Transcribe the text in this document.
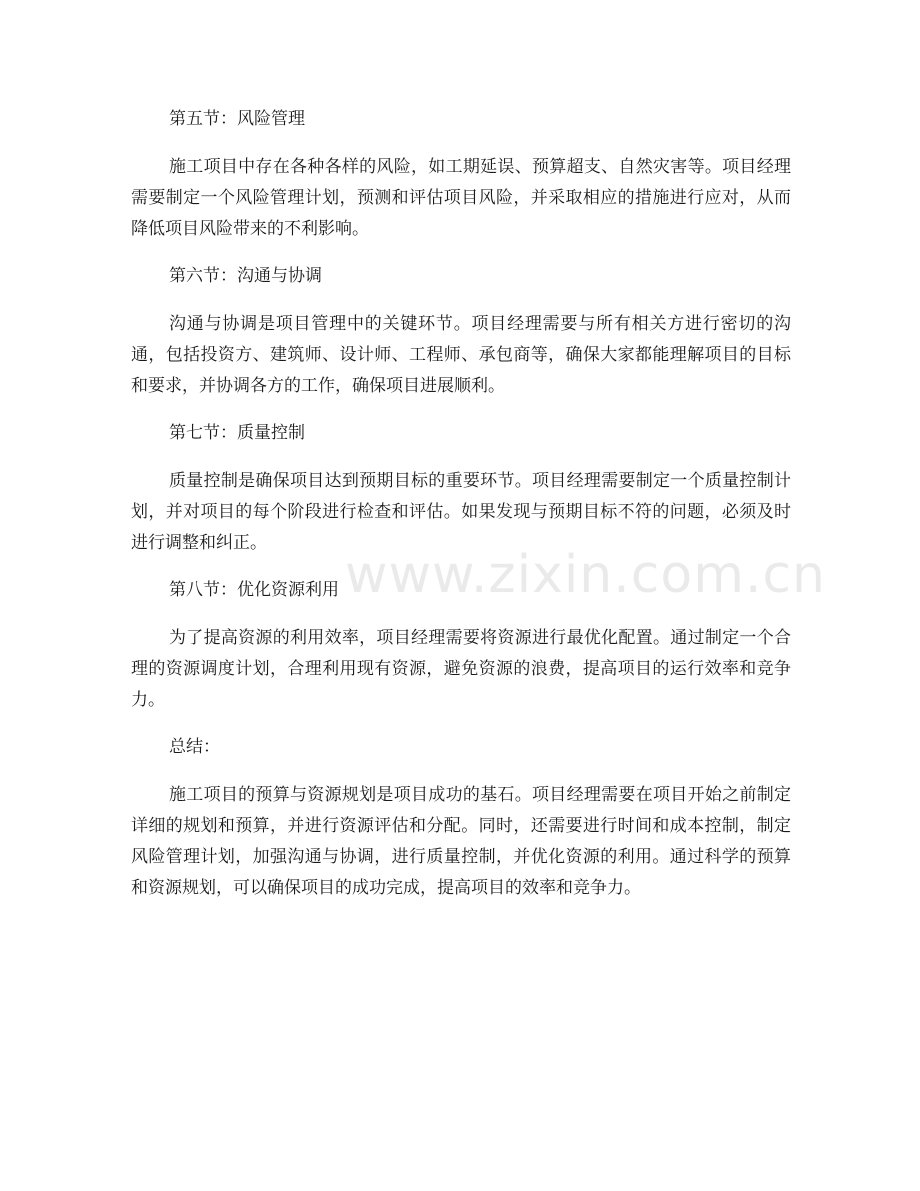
第五节：风险管理

施工项目中存在各种各样的风险，如工期延误、预算超支、自然灾害等。项目经理需要制定一个风险管理计划，预测和评估项目风险，并采取相应的措施进行应对，从而降低项目风险带来的不利影响。

第六节：沟通与协调

沟通与协调是项目管理中的关键环节。项目经理需要与所有相关方进行密切的沟通，包括投资方、建筑师、设计师、工程师、承包商等，确保大家都能理解项目的目标和要求，并协调各方的工作，确保项目进展顺利。

第七节：质量控制

质量控制是确保项目达到预期目标的重要环节。项目经理需要制定一个质量控制计划，并对项目的每个阶段进行检查和评估。如果发现与预期目标不符的问题，必须及时进行调整和纠正。

第八节：优化资源利用

为了提高资源的利用效率，项目经理需要将资源进行最优化配置。通过制定一个合理的资源调度计划，合理利用现有资源，避免资源的浪费，提高项目的运行效率和竞争力。

总结：

施工项目的预算与资源规划是项目成功的基石。项目经理需要在项目开始之前制定详细的规划和预算，并进行资源评估和分配。同时，还需要进行时间和成本控制，制定风险管理计划，加强沟通与协调，进行质量控制，并优化资源的利用。通过科学的预算和资源规划，可以确保项目的成功完成，提高项目的效率和竞争力。

www.zixin.com.cn
